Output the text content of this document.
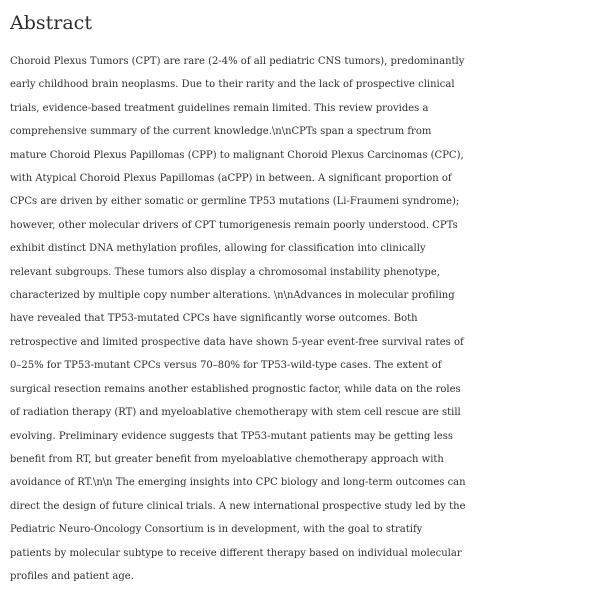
Abstract
Choroid Plexus Tumors (CPT) are rare (2-4% of all pediatric CNS tumors), predominantly
early childhood brain neoplasms. Due to their rarity and the lack of prospective clinical
trials, evidence-based treatment guidelines remain limited. This review provides a
comprehensive summary of the current knowledge.\n\nCPTs span a spectrum from
mature Choroid Plexus Papillomas (CPP) to malignant Choroid Plexus Carcinomas (CPC),
with Atypical Choroid Plexus Papillomas (aCPP) in between. A significant proportion of
CPCs are driven by either somatic or germline TP53 mutations (Li-Fraumeni syndrome);
however, other molecular drivers of CPT tumorigenesis remain poorly understood. CPTs
exhibit distinct DNA methylation profiles, allowing for classification into clinically
relevant subgroups. These tumors also display a chromosomal instability phenotype,
characterized by multiple copy number alterations. \n\nAdvances in molecular profiling
have revealed that TP53-mutated CPCs have significantly worse outcomes. Both
retrospective and limited prospective data have shown 5-year event-free survival rates of
0–25% for TP53-mutant CPCs versus 70–80% for TP53-wild-type cases. The extent of
surgical resection remains another established prognostic factor, while data on the roles
of radiation therapy (RT) and myeloablative chemotherapy with stem cell rescue are still
evolving. Preliminary evidence suggests that TP53-mutant patients may be getting less
benefit from RT, but greater benefit from myeloablative chemotherapy approach with
avoidance of RT.\n\n The emerging insights into CPC biology and long-term outcomes can
direct the design of future clinical trials. A new international prospective study led by the
Pediatric Neuro-Oncology Consortium is in development, with the goal to stratify
patients by molecular subtype to receive different therapy based on individual molecular
profiles and patient age.
